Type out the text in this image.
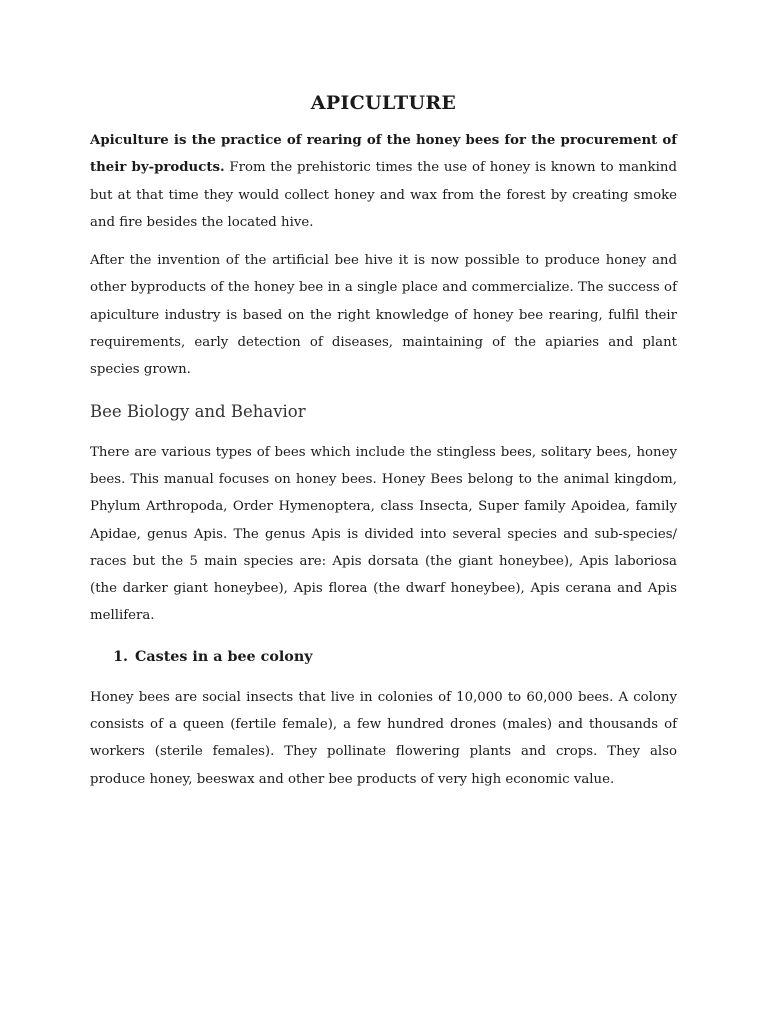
APICULTURE

Apiculture is the practice of rearing of the honey bees for the procurement of their by-products. From the prehistoric times the use of honey is known to mankind but at that time they would collect honey and wax from the forest by creating smoke and fire besides the located hive.

After the invention of the artificial bee hive it is now possible to produce honey and other byproducts of the honey bee in a single place and commercialize. The success of apiculture industry is based on the right knowledge of honey bee rearing, fulfil their requirements, early detection of diseases, maintaining of the apiaries and plant species grown.

Bee Biology and Behavior

There are various types of bees which include the stingless bees, solitary bees, honey bees. This manual focuses on honey bees. Honey Bees belong to the animal kingdom, Phylum Arthropoda, Order Hymenoptera, class Insecta, Super family Apoidea, family Apidae, genus Apis. The genus Apis is divided into several species and sub-species/ races but the 5 main species are: Apis dorsata (the giant honeybee), Apis laboriosa (the darker giant honeybee), Apis florea (the dwarf honeybee), Apis cerana and Apis mellifera.

1. Castes in a bee colony

Honey bees are social insects that live in colonies of 10,000 to 60,000 bees. A colony consists of a queen (fertile female), a few hundred drones (males) and thousands of workers (sterile females). They pollinate flowering plants and crops. They also produce honey, beeswax and other bee products of very high economic value.
